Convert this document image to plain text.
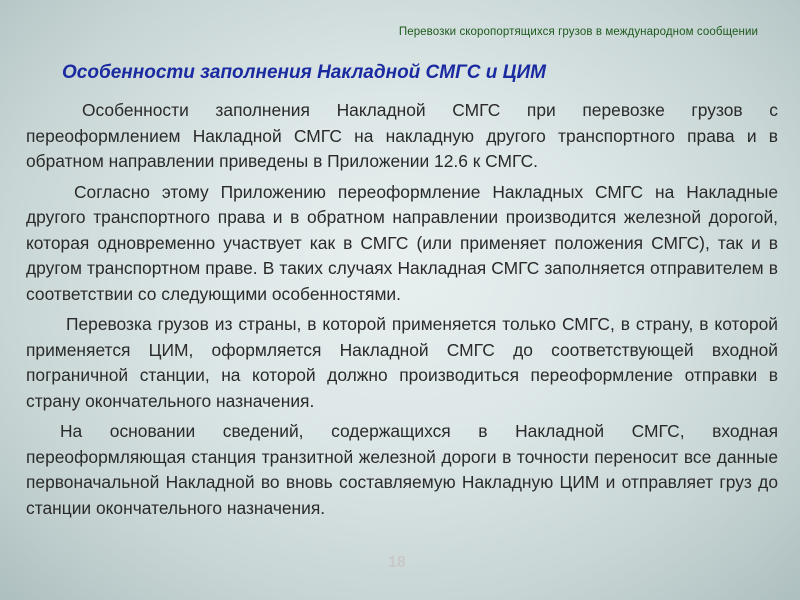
Перевозки скоропортящихся грузов в международном сообщении
Особенности заполнения Накладной СМГС и ЦИМ

Особенности заполнения Накладной СМГС при перевозке грузов с переоформлением Накладной СМГС на накладную другого транспортного права и в обратном направлении приведены в Приложении 12.6 к СМГС.

Согласно этому Приложению переоформление Накладных СМГС на Накладные другого транспортного права и в обратном направлении производится железной дорогой, которая одновременно участвует как в СМГС (или применяет положения СМГС), так и в другом транспортном праве. В таких случаях Накладная СМГС заполняется отправителем в соответствии со следующими особенностями.

Перевозка грузов из страны, в которой применяется только СМГС, в страну, в которой применяется ЦИМ, оформляется Накладной СМГС до соответствующей входной пограничной станции, на которой должно производиться переоформление отправки в страну окончательного назначения.

На основании сведений, содержащихся в Накладной СМГС, входная переоформляющая станция транзитной железной дороги в точности переносит все данные первоначальной Накладной во вновь составляемую Накладную ЦИМ и отправляет груз до станции окончательного назначения.

18
